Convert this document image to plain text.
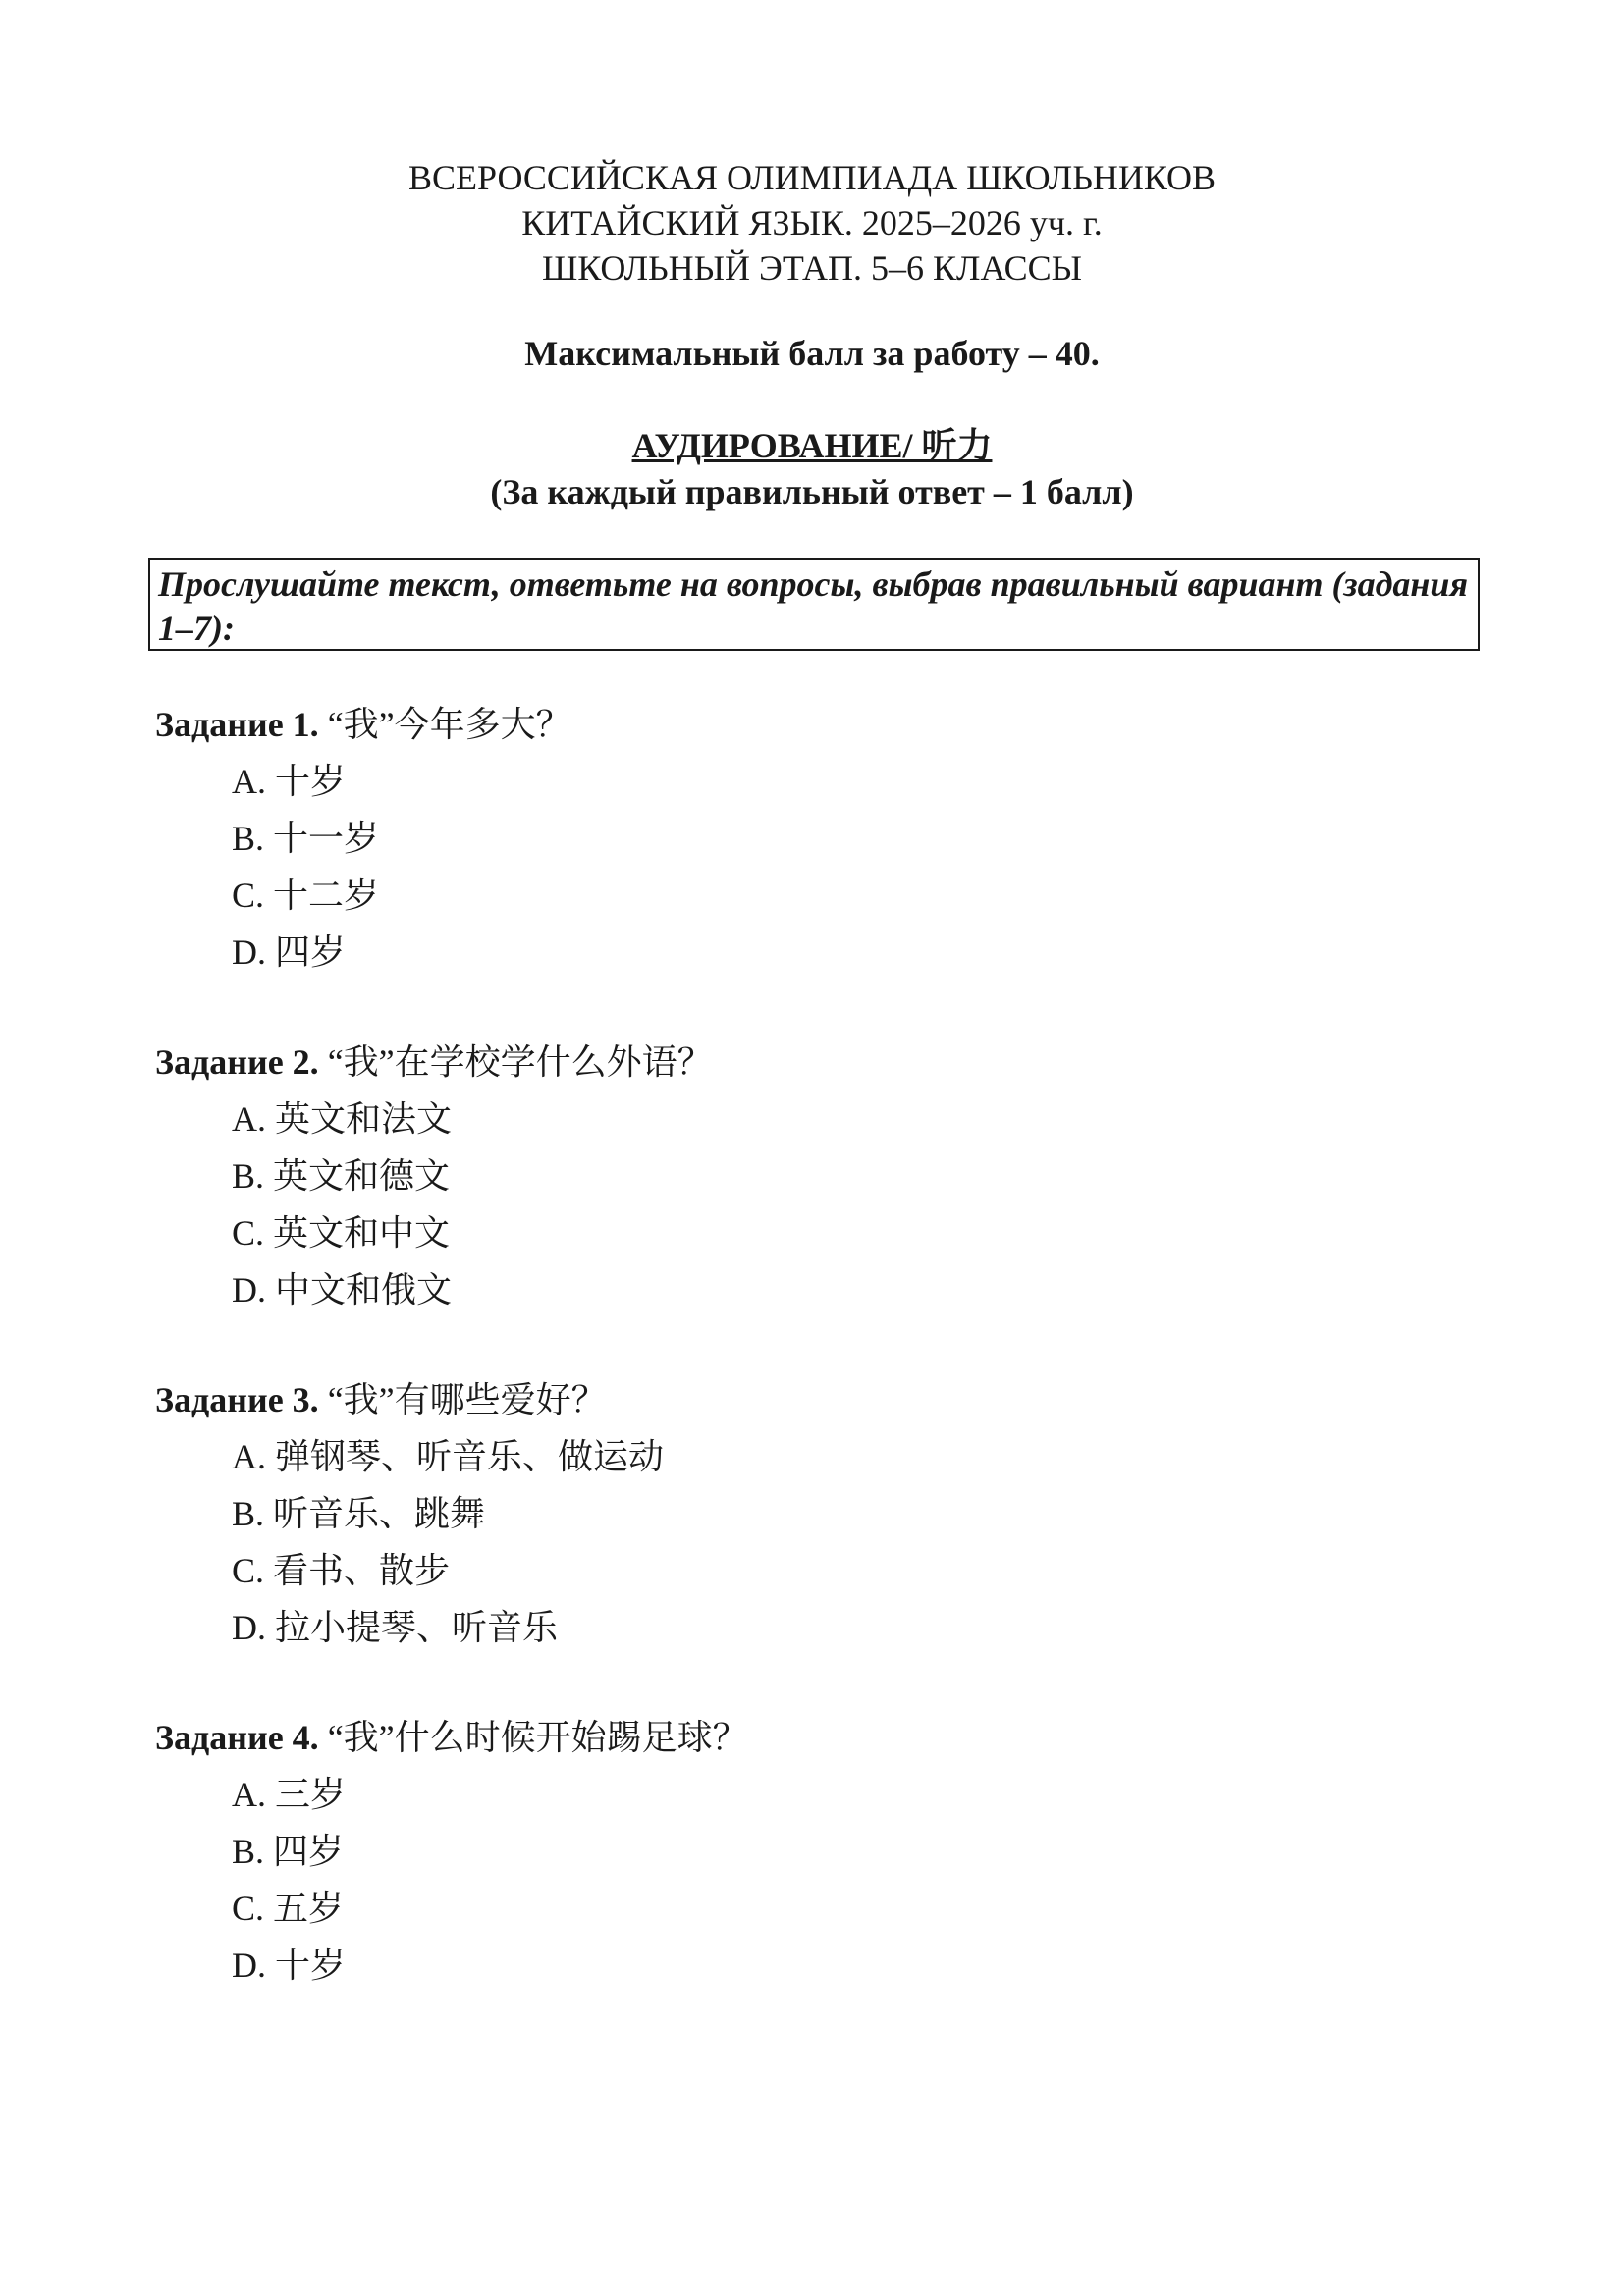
ВСЕРОССИЙСКАЯ ОЛИМПИАДА ШКОЛЬНИКОВ
КИТАЙСКИЙ ЯЗЫК. 2025–2026 уч. г.
ШКОЛЬНЫЙ ЭТАП. 5–6 КЛАССЫ
Максимальный балл за работу – 40.
АУДИРОВАНИЕ/ 听力
(За каждый правильный ответ – 1 балл)
Прослушайте текст, ответьте на вопросы, выбрав правильный вариант (задания 1–7):
Задание 1. “我”今年多大？
A. 十岁
B. 十一岁
C. 十二岁
D. 四岁
Задание 2. “我”在学校学什么外语？
A. 英文和法文
B. 英文和德文
C. 英文和中文
D. 中文和俄文
Задание 3. “我”有哪些爱好？
A. 弹钢琴、听音乐、做运动
B. 听音乐、跳舞
C. 看书、散步
D. 拉小提琴、听音乐
Задание 4. “我”什么时候开始踢足球？
A. 三岁
B. 四岁
C. 五岁
D. 十岁
